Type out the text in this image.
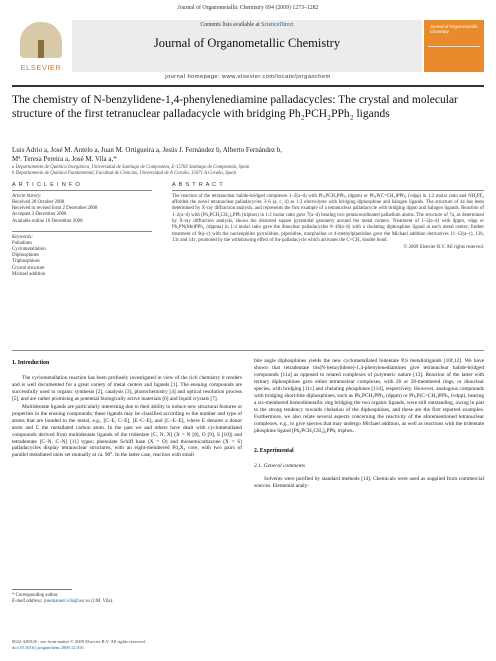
Journal of Organometallic Chemistry 694 (2009) 1273–1282
ELSEVIER
Contents lists available at ScienceDirect
Journal of Organometallic Chemistry
Journal of Organometallic Chemistry
journal homepage: www.elsevier.com/locate/jorganchem
The chemistry of N-benzylidene-1,4-phenylenediamine palladacycles: The crystal and molecular structure of the first tetranuclear palladacycle with bridging Ph₂PCH₂PPh₂ ligands
Luis Adrio a, José M. Antelo a, Juan M. Ortigueira a, Jesús J. Fernández b, Alberto Fernández b,
Mª. Teresa Pereira a, José M. Vila a,*
a Departamento de Química Inorgánica, Universidad de Santiago de Compostela, E-15782 Santiago de Compostela, Spain
b Departamento de Química Fundamental, Facultad de Ciencias, Universidad de A Coruña, 15071 A Coruña, Spain
A R T I C L E I N F O
Article history:
Received 28 October 2008
Received in revised form 2 December 2008
Accepted 3 December 2008
Available online 16 December 2008
Keywords:
Palladium
Cyclometallation
Diphosphines
Triphosphines
Crystal structure
Michael addition
A B S T R A C T
The reaction of the tetranuclear halide-bridged complexes 1–2(a–d) with Ph₂PCH₂PPh₂ (dppm) or Ph₂P(C=CH₂)PPh₂ (vdpp) in 1:2 molar ratio and NH₄PF₆ afforded the novel tetranuclear palladacycles 3–6 (a, c, d) as 1:2 electrolytes with bridging diphosphine and halogen ligands. The structure of 4a has been determined by X-ray diffraction analysis, and represents the first example of a tetranuclear palladacycle with bridging dppm and halogen ligands. Reaction of 1–2(a–d) with (Ph₂PCH₂CH₂)₂PPh (triphos) in 1:2 molar ratio gave 7(a–d) bearing two pentacoordinated palladium atoms. The structure of 7a, as determined by X-ray diffraction analysis, shows the distorted square pyramidal geometry around the metal centers. Treatment of 1–2(a–d) with dppm, vdpp or Ph₂PN(Me)PPh₂ (dppma) in 1:4 molar ratio gave the dinuclear palladacycles 8–10(a–d) with a chelating diphosphine ligand at each metal center; further treatment of 9(a–c) with the nucleophiles pyrrolidine, piperidine, morpholine or 4-methylpiperidine gave the Michael addition derivatives 11–12(a–c), 13b, 13c and 14c, promoted by the withdrawing effect of the palladacycle which activates the C=CH₂ double bond.
© 2009 Elsevier B.V. All rights reserved.
1. Introduction
The cyclometallation reaction has been profusely investigated in view of the rich chemistry it renders and is well documented for a great variety of metal centers and ligands [1]. The ensuing compounds are successfully used in organic synthesis [2], catalysis [3], photochemistry [4] and optical resolution process [5], and are rather promising as potential biologically active materials [6] and liquid crystals [7].
Multidentate ligands are particularly interesting due to their ability to induce new structural features or properties in the ensuing compounds; these ligands may be classified according to the number and type of atoms that are bonded to the metal, e.g., [C–E, C–E], [E–C–E], and [C–E–E], where E denotes a donor atom and C the metallated carbon atom. In the past we and others have dealt with cyclometallated compounds derived from multidentate ligands of the tridentate [C, N, X] (X = N [8], O [9], S [10]) and tetradentate [C–N, C–N] [11] types; phenolate Schiff base (X = O) and thiosemicarbazone (X = S) palladacycles display tetranuclear structures, with an eight-membered Pd₄X₄ core, with two pairs of parallel metallated units set mutually at ca. 90°. In the latter case, reaction with small
bite angle diphosphines yields the new cyclometallated bidentate P,S metalloligands [10f,12]. We have shown that tetradentate bis(N-benzylidene)-1,4-phenylenediamines give tetranuclear halide-bridged compounds [11a] as opposed to related complexes of polymeric nature [13]. Reaction of the latter with tertiary diphosphines gave either tetranuclear complexes, with 26 or 28-membered rings, or dinuclear species, with bridging [11c] and chelating phosphines [11d], respectively. However, analogous compounds with bridging short-bite diphosphines, such as Ph₂PCH₂PPh₂ (dppm) or Ph₂P(C=CH₂)PPh₂ (vdpp), bearing a six-membered homodimetallic ring bridging the two organic ligands, were still outstanding, owing in part to the strong tendency towards chelation of the diphosphines, and these are the first reported examples. Furthermore, we also relate several aspects concerning the reactivity of the aforementioned tetranuclear complexes, e.g., to give species that may undergo Michael addition, as well as reactions with the tridentate phosphine ligand [Ph₂PCH₂CH₂]₂PPh, triphos.
2. Experimental
2.1. General comments
Solvents were purified by standard methods [14]. Chemicals were used as supplied from commercial sources. Elemental analy-
* Corresponding author.
E-mail address: josemanuel.vila@usc.es (J.M. Vila).
0022-328X/$ - see front matter © 2009 Elsevier B.V. All rights reserved.
doi:10.1016/j.jorganchem.2008.12.016
